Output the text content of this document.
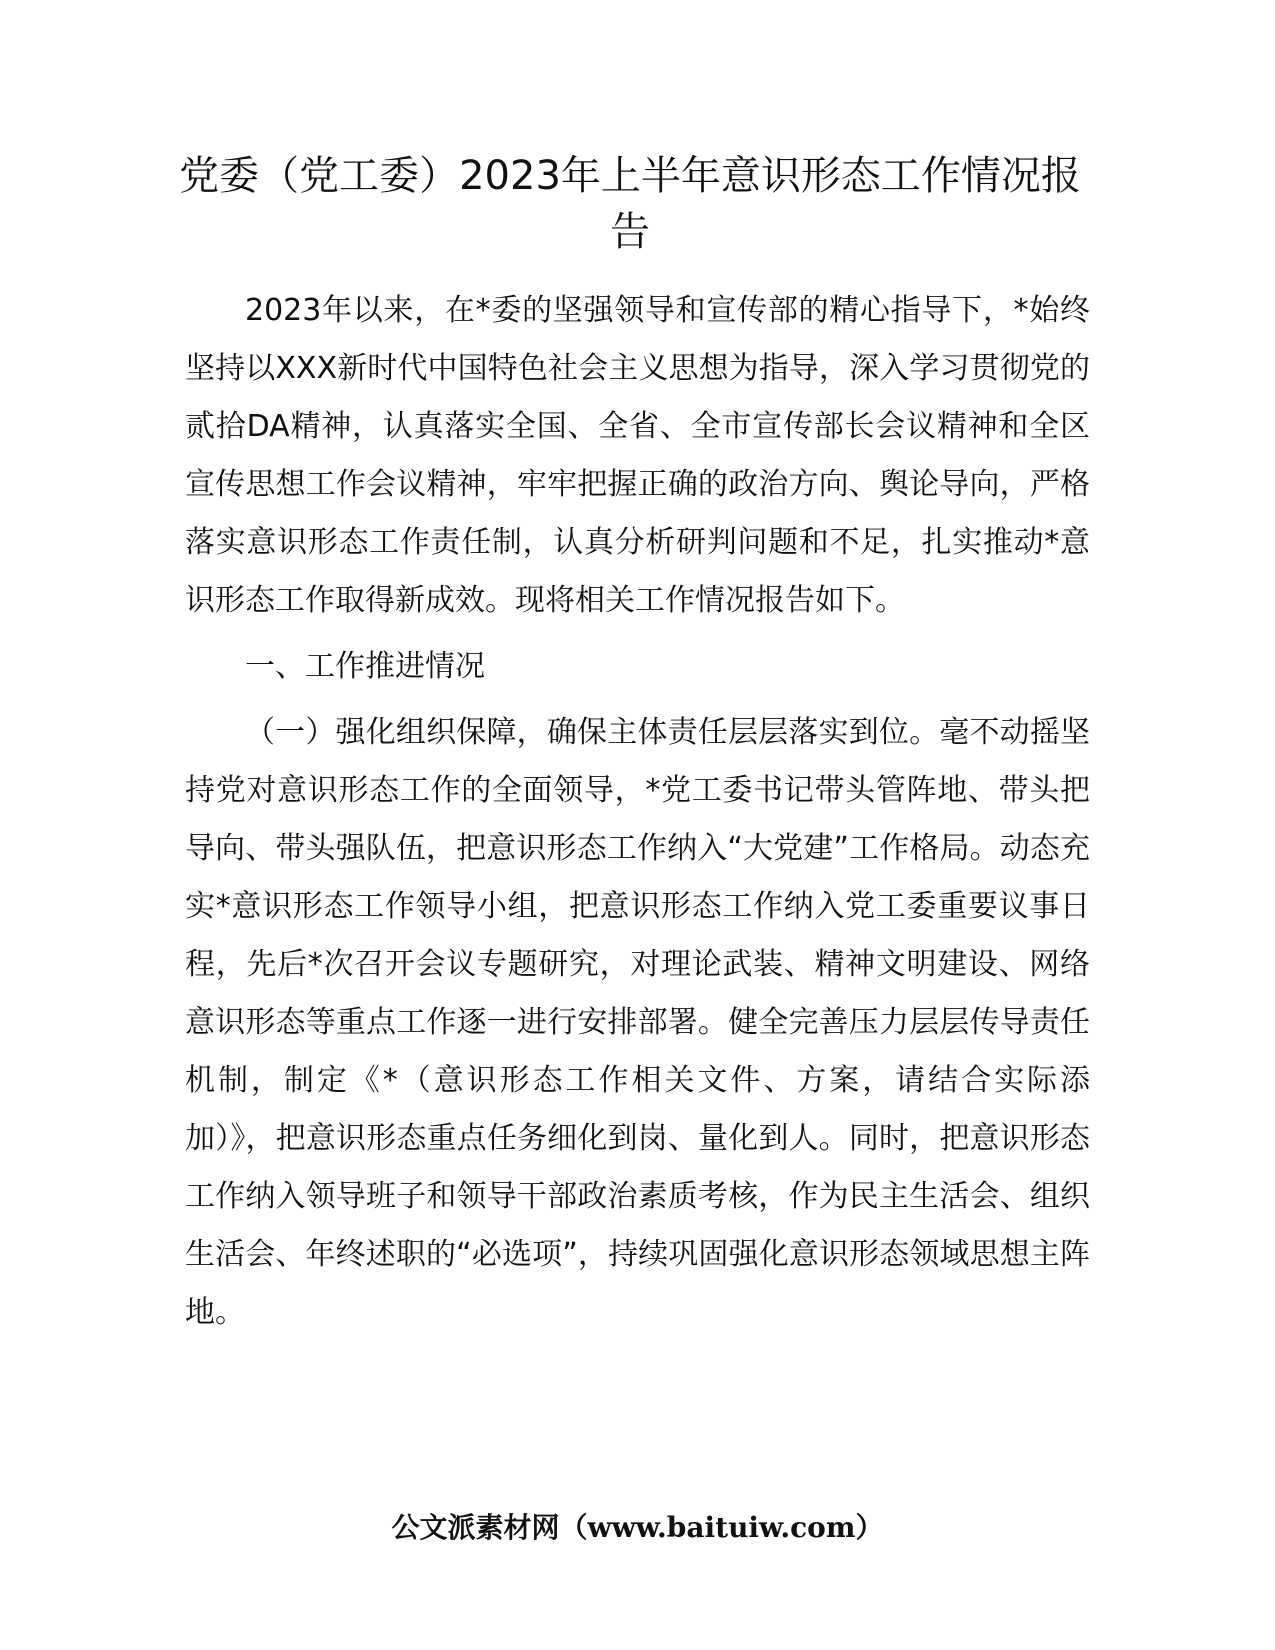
党委（党工委）2023年上半年意识形态工作情况报告

2023年以来，在*委的坚强领导和宣传部的精心指导下，*始终坚持以XXX新时代中国特色社会主义思想为指导，深入学习贯彻党的贰拾DA精神，认真落实全国、全省、全市宣传部长会议精神和全区宣传思想工作会议精神，牢牢把握正确的政治方向、舆论导向，严格落实意识形态工作责任制，认真分析研判问题和不足，扎实推动*意识形态工作取得新成效。现将相关工作情况报告如下。

一、工作推进情况

（一）强化组织保障，确保主体责任层层落实到位。毫不动摇坚持党对意识形态工作的全面领导，*党工委书记带头管阵地、带头把导向、带头强队伍，把意识形态工作纳入“大党建”工作格局。动态充实*意识形态工作领导小组，把意识形态工作纳入党工委重要议事日程，先后*次召开会议专题研究，对理论武装、精神文明建设、网络意识形态等重点工作逐一进行安排部署。健全完善压力层层传导责任机制，制定《*（意识形态工作相关文件、方案，请结合实际添加）》，把意识形态重点任务细化到岗、量化到人。同时，把意识形态工作纳入领导班子和领导干部政治素质考核，作为民主生活会、组织生活会、年终述职的“必选项”，持续巩固强化意识形态领域思想主阵地。

公文派素材网（www.baituiw.com）
